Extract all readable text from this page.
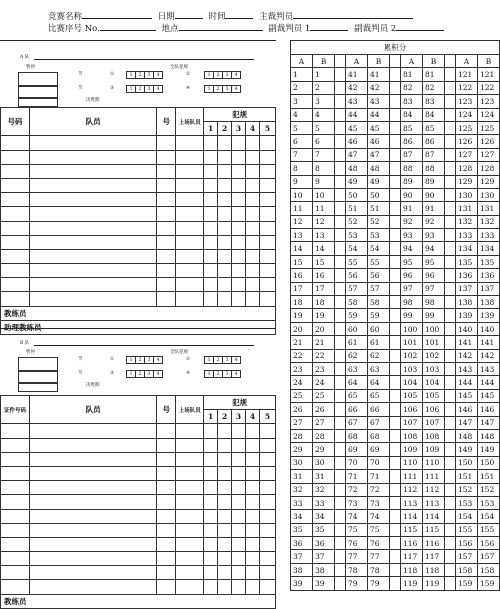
竞赛名称	日期	时间	主裁判员
比赛序号 No.	地点	副裁判员 1	副裁判员 2
A 队
暂停	全队犯规
节
节
①
③
②
④
决胜期
1 2 3 4
1 2 3 4
1 2 3 4
1 2 3 4
号码	队员	号	上场队员	犯规				
				1	2	3	4	5

教练员								
助理教练员								
B 队
暂停	全队犯规
节
节
①
③
②
④
决胜期
1 2 3 4
1 2 3 4
1 2 3 4
1 2 3 4
证件号码	队员	号	上场队员	犯规				
				1	2	3	4	5

教练员								
累积分										
A	B		A	B		A	B		A	B
1	1		41	41		81	81		121	121
2	2		42	42		82	82		122	122
3	3		43	43		83	83		123	123
4	4		44	44		84	84		124	124
5	5		45	45		85	85		125	125
6	6		46	46		86	86		126	126
7	7		47	47		87	87		127	127
8	8		48	48		88	88		128	128
9	9		49	49		89	89		129	129
10	10		50	50		90	90		130	130
11	11		51	51		91	91		131	131
12	12		52	52		92	92		132	132
13	13		53	53		93	93		133	133
14	14		54	54		94	94		134	134
15	15		55	55		95	95		135	135
16	16		56	56		96	96		136	136
17	17		57	57		97	97		137	137
18	18		58	58		98	98		138	138
19	19		59	59		99	99		139	139
20	20		60	60		100	100		140	140
21	21		61	61		101	101		141	141
22	22		62	62		102	102		142	142
23	23		63	63		103	103		143	143
24	24		64	64		104	104		144	144
25	25		65	65		105	105		145	145
26	26		66	66		106	106		146	146
27	27		67	67		107	107		147	147
28	28		68	68		108	108		148	148
29	29		69	69		109	109		149	149
30	30		70	70		110	110		150	150
31	31		71	71		111	111		151	151
32	32		72	72		112	112		152	152
33	33		73	73		113	113		153	153
34	34		74	74		114	114		154	154
35	35		75	75		115	115		155	155
36	36		76	76		116	116		156	156
37	37		77	77		117	117		157	157
38	38		78	78		118	118		158	158
39	39		79	79		119	119		159	159
